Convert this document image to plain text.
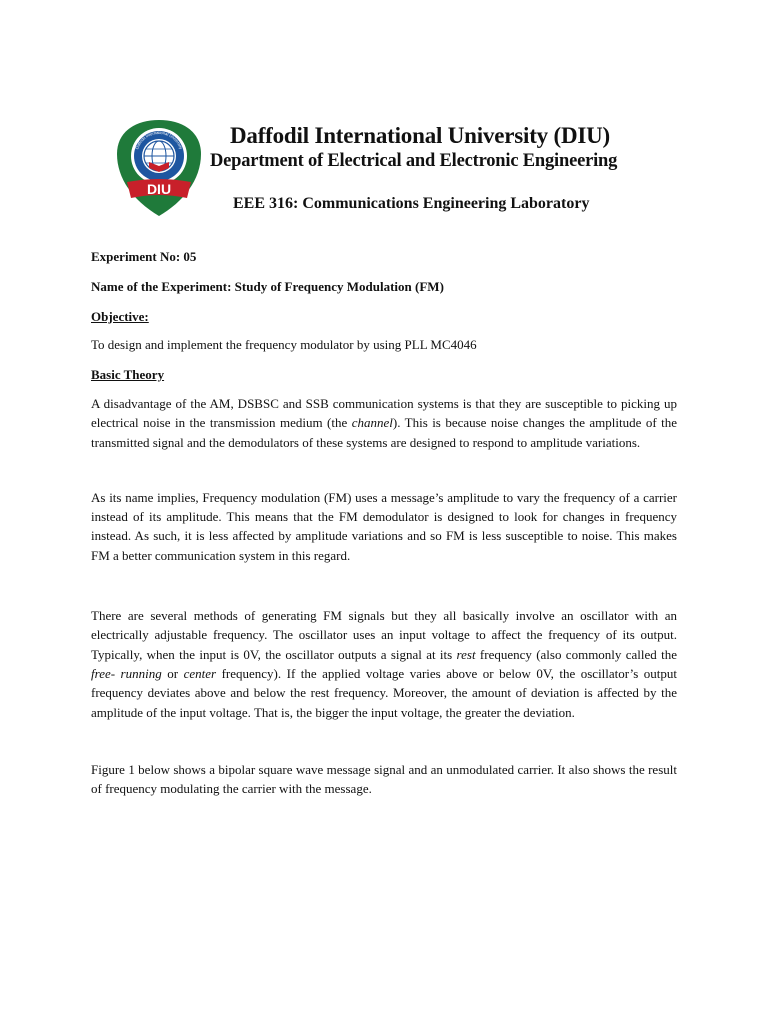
DIU
Daffodil International University
Daffodil International University (DIU)
Department of Electrical and Electronic Engineering
EEE 316: Communications Engineering Laboratory

Experiment No: 05

Name of the Experiment: Study of Frequency Modulation (FM)

Objective:

To design and implement the frequency modulator by using PLL MC4046

Basic Theory

A disadvantage of the AM, DSBSC and SSB communication systems is that they are susceptible to picking up electrical noise in the transmission medium (the channel). This is because noise changes the amplitude of the transmitted signal and the demodulators of these systems are designed to respond to amplitude variations.

As its name implies, Frequency modulation (FM) uses a message’s amplitude to vary the frequency of a carrier instead of its amplitude. This means that the FM demodulator is designed to look for changes in frequency instead. As such, it is less affected by amplitude variations and so FM is less susceptible to noise. This makes FM a better communication system in this regard.

There are several methods of generating FM signals but they all basically involve an oscillator with an electrically adjustable frequency. The oscillator uses an input voltage to affect the frequency of its output. Typically, when the input is 0V, the oscillator outputs a signal at its rest frequency (also commonly called the free- running or center frequency). If the applied voltage varies above or below 0V, the oscillator’s output frequency deviates above and below the rest frequency. Moreover, the amount of deviation is affected by the amplitude of the input voltage. That is, the bigger the input voltage, the greater the deviation.

Figure 1 below shows a bipolar square wave message signal and an unmodulated carrier. It also shows the result of frequency modulating the carrier with the message.
